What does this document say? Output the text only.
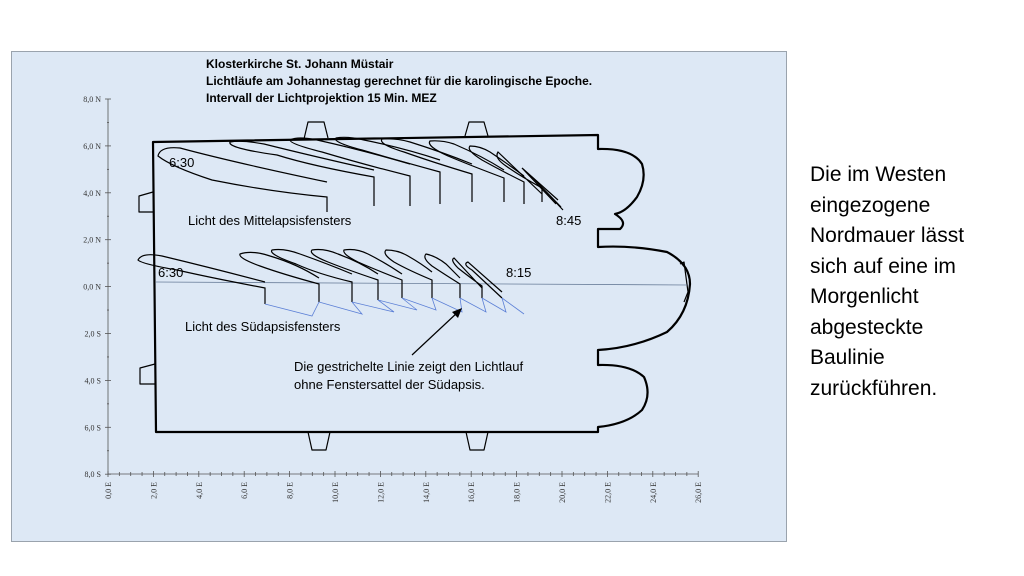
Klosterkirche St. Johann Müstair
Lichtläufe am Johannestag gerechnet für die karolingische Epoche.
Intervall der Lichtprojektion 15 Min. MEZ
8,0 N
6,0 N
4,0 N
2,0 N
0,0 N
2,0 S
4,0 S
6,0 S
8,0 S
0,0 E	2,0 E	4,0 E	6,0 E	8,0 E	10,0 E	12,0 E	14,0 E	16,0 E	18,0 E	20,0 E	22,0 E	24,0 E	26,0 E
6:30
8:45
Licht des Mittelapsisfensters
6:30	8:15
Licht des Südapsisfensters
Die gestrichelte Linie zeigt den Lichtlauf
ohne Fenstersattel der Südapsis.
Die im Westen
eingezogene
Nordmauer lässt
sich auf eine im
Morgenlicht
abgesteckte
Baulinie
zurückführen.
